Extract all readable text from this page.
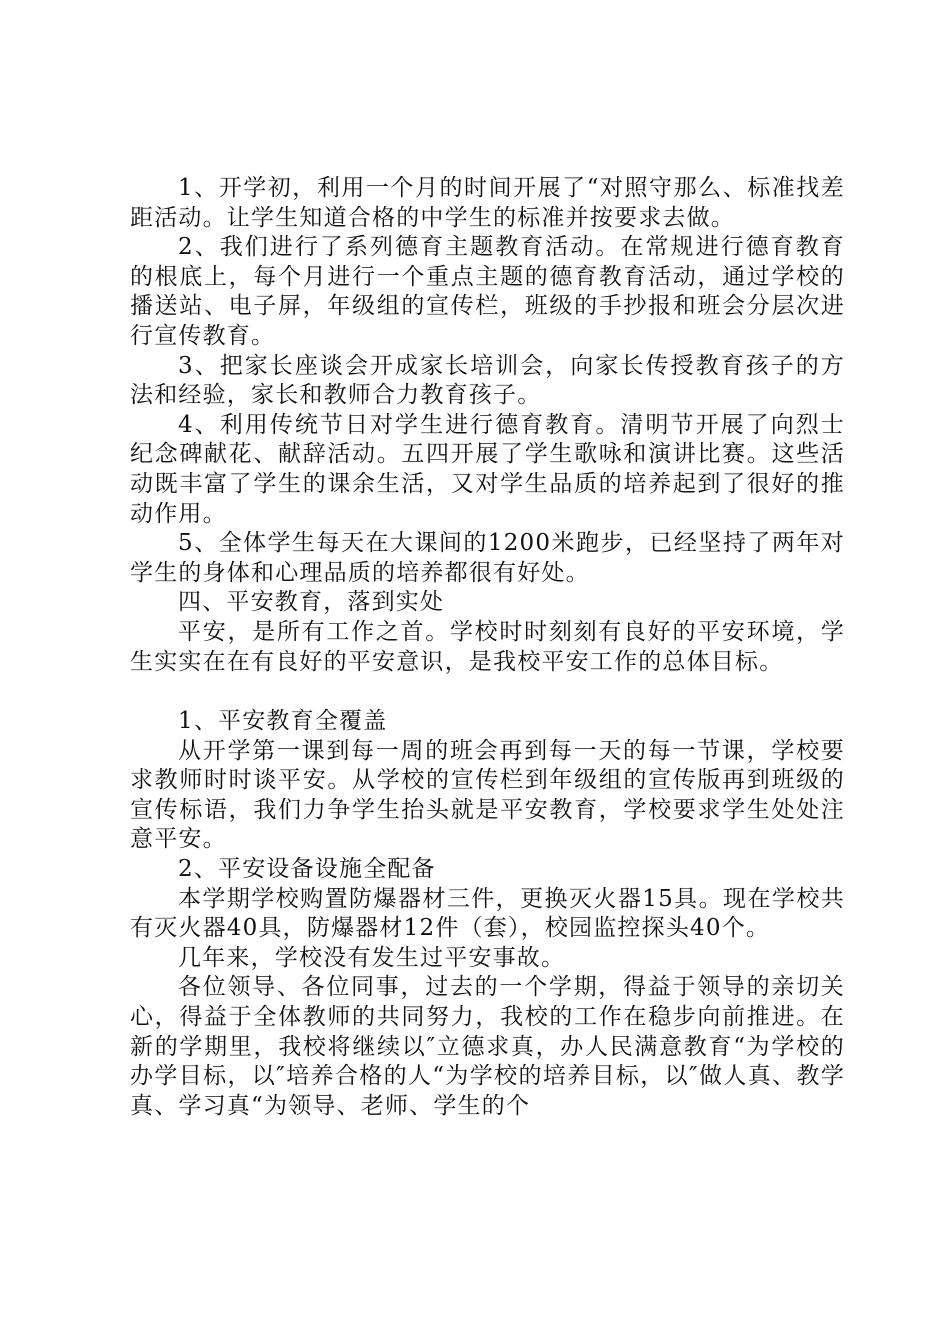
1、开学初，利用一个月的时间开展了“对照守那么、标准找差距活动。让学生知道合格的中学生的标准并按要求去做。

2、我们进行了系列德育主题教育活动。在常规进行德育教育的根底上，每个月进行一个重点主题的德育教育活动，通过学校的播送站、电子屏，年级组的宣传栏，班级的手抄报和班会分层次进行宣传教育。

3、把家长座谈会开成家长培训会，向家长传授教育孩子的方法和经验，家长和教师合力教育孩子。

4、利用传统节日对学生进行德育教育。清明节开展了向烈士纪念碑献花、献辞活动。五四开展了学生歌咏和演讲比赛。这些活动既丰富了学生的课余生活，又对学生品质的培养起到了很好的推动作用。

5、全体学生每天在大课间的1200米跑步，已经坚持了两年对学生的身体和心理品质的培养都很有好处。

四、平安教育，落到实处

平安，是所有工作之首。学校时时刻刻有良好的平安环境，学生实实在在有良好的平安意识，是我校平安工作的总体目标。

1、平安教育全覆盖

从开学第一课到每一周的班会再到每一天的每一节课，学校要求教师时时谈平安。从学校的宣传栏到年级组的宣传版再到班级的宣传标语，我们力争学生抬头就是平安教育，学校要求学生处处注意平安。

2、平安设备设施全配备

本学期学校购置防爆器材三件，更换灭火器15具。现在学校共有灭火器40具，防爆器材12件（套），校园监控探头40个。

几年来，学校没有发生过平安事故。

各位领导、各位同事，过去的一个学期，得益于领导的亲切关心，得益于全体教师的共同努力，我校的工作在稳步向前推进。在新的学期里，我校将继续以″立德求真，办人民满意教育“为学校的办学目标，以″培养合格的人“为学校的培养目标，以″做人真、教学真、学习真“为领导、老师、学生的个
